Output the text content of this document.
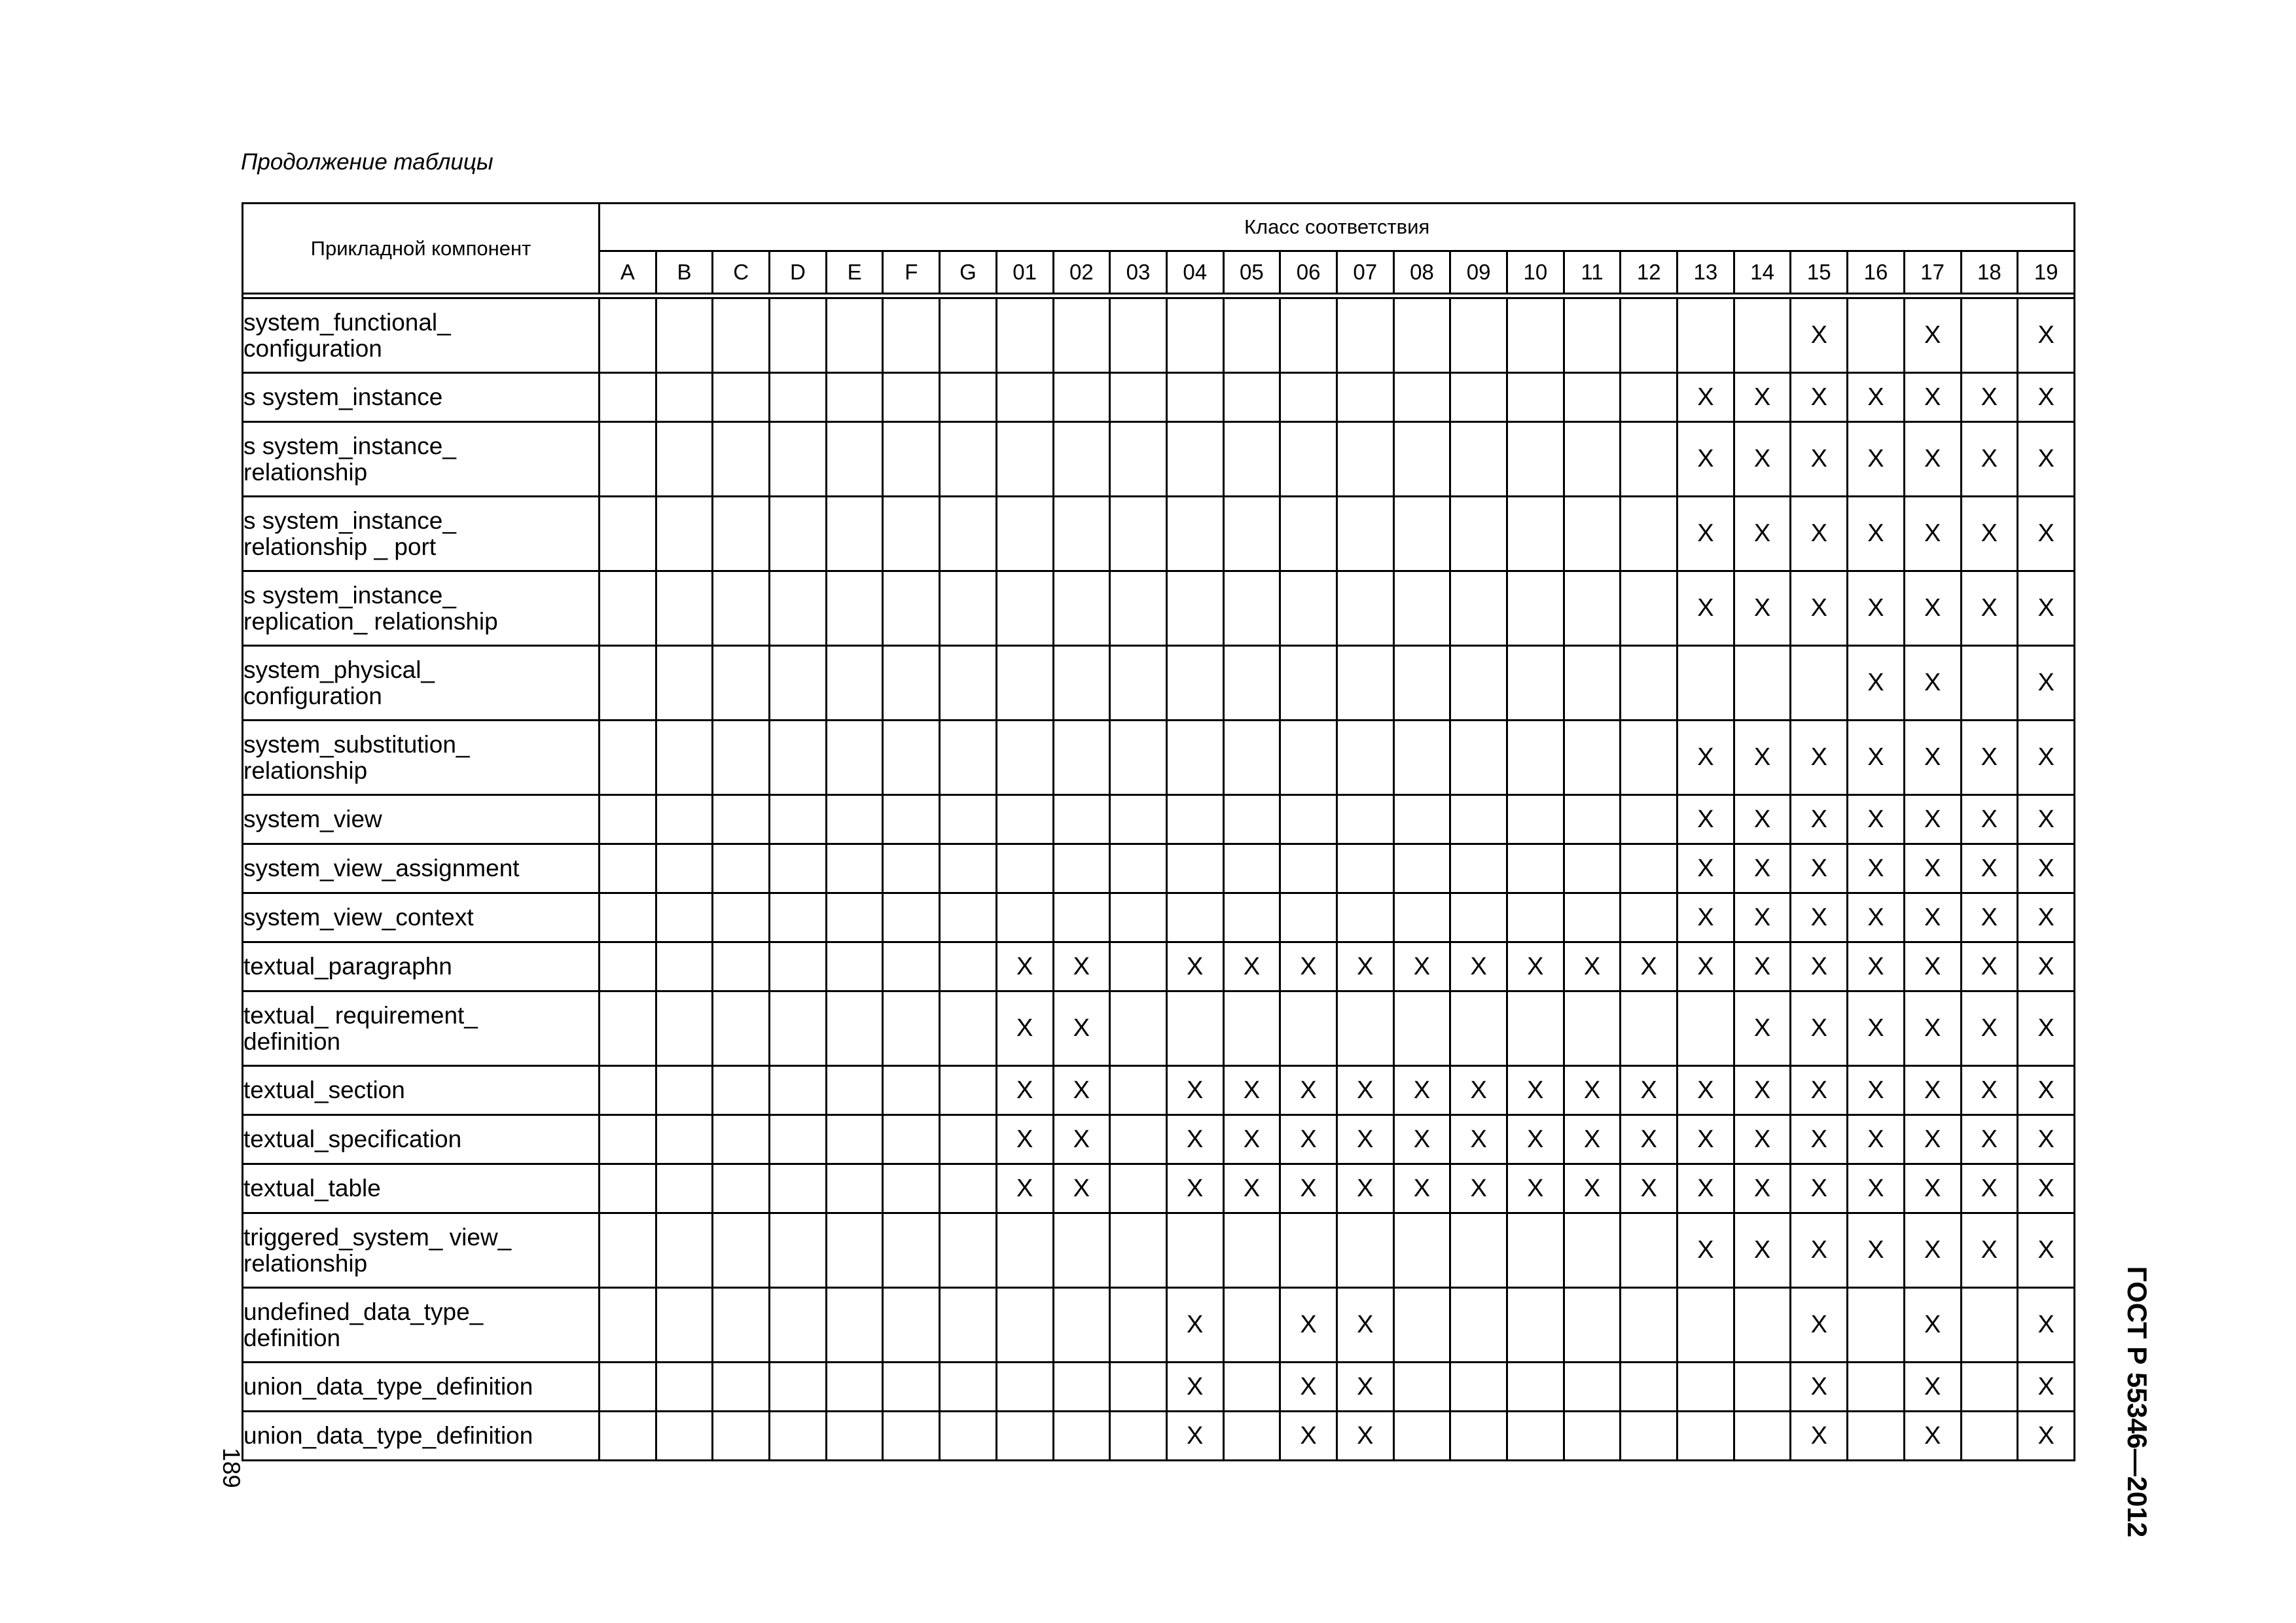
Продолжение таблицы
Прикладной компонент	Класс соответствия																									
	A	B	C	D	E	F	G	01	02	03	04	05	06	07	08	09	10	11	12	13	14	15	16	17	18	19

system_functional_
configuration																						X		X		X
s system_instance																				X	X	X	X	X	X	X
s system_instance_
relationship																				X	X	X	X	X	X	X
s system_instance_
relationship _ port																				X	X	X	X	X	X	X
s system_instance_
replication_ relationship																				X	X	X	X	X	X	X
system_physical_
configuration																							X	X		X
system_substitution_
relationship																				X	X	X	X	X	X	X
system_view																				X	X	X	X	X	X	X
system_view_assignment																				X	X	X	X	X	X	X
system_view_context																				X	X	X	X	X	X	X
textual_paragraphn								X	X		X	X	X	X	X	X	X	X	X	X	X	X	X	X	X	X
textual_ requirement_
definition								X	X												X	X	X	X	X	X
textual_section								X	X		X	X	X	X	X	X	X	X	X	X	X	X	X	X	X	X
textual_specification								X	X		X	X	X	X	X	X	X	X	X	X	X	X	X	X	X	X
textual_table								X	X		X	X	X	X	X	X	X	X	X	X	X	X	X	X	X	X
triggered_system_ view_
relationship																				X	X	X	X	X	X	X
undefined_data_type_
definition											X		X	X								X		X		X
union_data_type_definition											X		X	X								X		X		X
union_data_type_definition											X		X	X								X		X		X
189	ГОСТ Р 55346—2012
